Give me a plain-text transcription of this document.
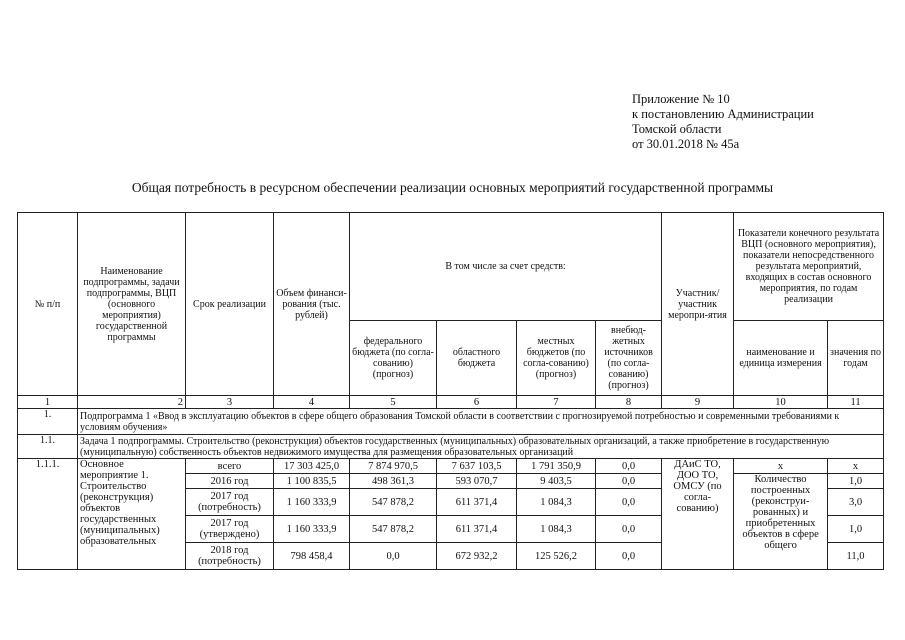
Приложение № 10
к постановлению Администрации
Томской области
от 30.01.2018 № 45а
Общая потребность в ресурсном обеспечении реализации основных мероприятий государственной программы
№ п/п	Наименование подпрограммы, задачи подпрограммы, ВЦП (основного мероприятия) государственной программы	Срок реализации	Объем финанси-рования (тыс. рублей)	В том числе за счет средств:				Участник/ участник меропри-ятия	Показатели конечного результата ВЦП (основного мероприятия), показатели непосредственного результата мероприятий, входящих в состав основного мероприятия, по годам реализации	
				федерального бюджета (по согла-сованию) (прогноз)	областного бюджета	местных бюджетов (по согла-сованию) (прогноз)	внебюд-жетных источников (по согла-сованию) (прогноз)		наименование и единица измерения	значения по годам
1	2	3	4	5	6	7	8	9	10	11
1.	Подпрограмма 1 «Ввод в эксплуатацию объектов в сфере общего образования Томской области в соответствии с прогнозируемой потребностью и современными требованиями к условиям обучения»									
1.1.	Задача 1 подпрограммы. Строительство (реконструкция) объектов государственных (муниципальных) образовательных организаций, а также приобретение в государственную (муниципальную) собственность объектов недвижимого имущества для размещения образовательных организаций									
1.1.1.	Основное мероприятие 1. Строительство (реконструкция) объектов государственных (муниципальных) образовательных	всего	17 303 425,0	7 874 970,5	7 637 103,5	1 791 350,9	0,0	ДАиС ТО, ДОО ТО, ОМСУ (по согла-сованию)	х	х
		2016 год	1 100 835,5	498 361,3	593 070,7	9 403,5	0,0		Количество построенных (реконструи-рованных) и приобретенных объектов в сфере общего	1,0
		2017 год (потребность)	1 160 333,9	547 878,2	611 371,4	1 084,3	0,0			3,0
		2017 год (утверждено)	1 160 333,9	547 878,2	611 371,4	1 084,3	0,0			1,0
		2018 год (потребность)	798 458,4	0,0	672 932,2	125 526,2	0,0			11,0
